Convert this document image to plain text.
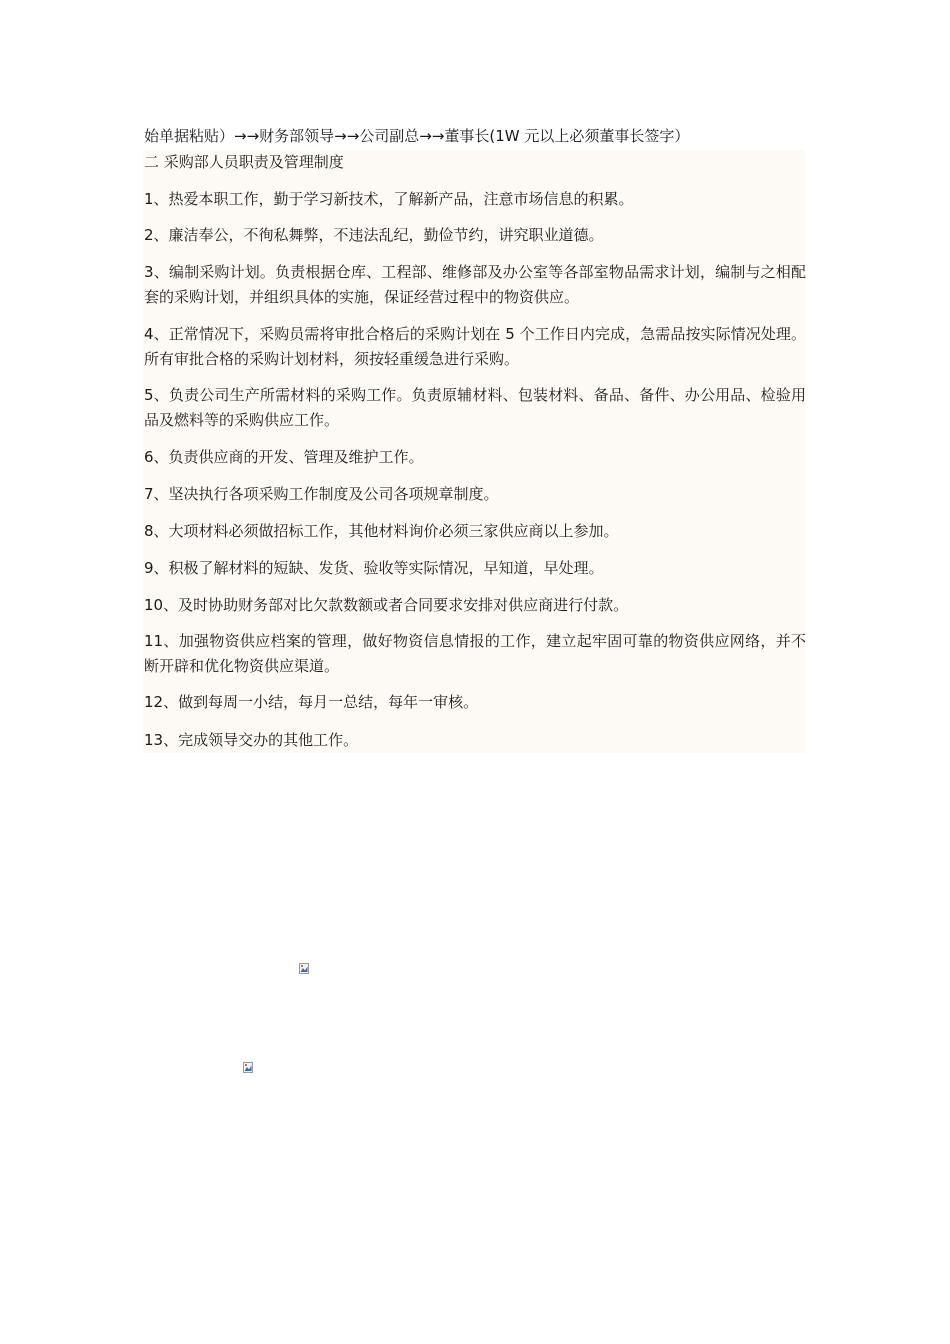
始单据粘贴）→→财务部领导→→公司副总→→董事长(1W 元以上必须董事长签字）
二 采购部人员职责及管理制度

1、热爱本职工作，勤于学习新技术，了解新产品，注意市场信息的积累。

2、廉洁奉公，不徇私舞弊，不违法乱纪，勤俭节约，讲究职业道德。

3、编制采购计划。负责根据仓库、工程部、维修部及办公室等各部室物品需求计划，编制与之相配套的采购计划，并组织具体的实施，保证经营过程中的物资供应。

4、正常情况下，采购员需将审批合格后的采购计划在 5 个工作日内完成，急需品按实际情况处理。所有审批合格的采购计划材料，须按轻重缓急进行采购。

5、负责公司生产所需材料的采购工作。负责原辅材料、包装材料、备品、备件、办公用品、检验用品及燃料等的采购供应工作。

6、负责供应商的开发、管理及维护工作。

7、坚决执行各项采购工作制度及公司各项规章制度。

8、大项材料必须做招标工作，其他材料询价必须三家供应商以上参加。

9、积极了解材料的短缺、发货、验收等实际情况，早知道，早处理。

10、及时协助财务部对比欠款数额或者合同要求安排对供应商进行付款。

11、加强物资供应档案的管理，做好物资信息情报的工作，建立起牢固可靠的物资供应网络，并不断开辟和优化物资供应渠道。

12、做到每周一小结，每月一总结，每年一审核。

13、完成领导交办的其他工作。
